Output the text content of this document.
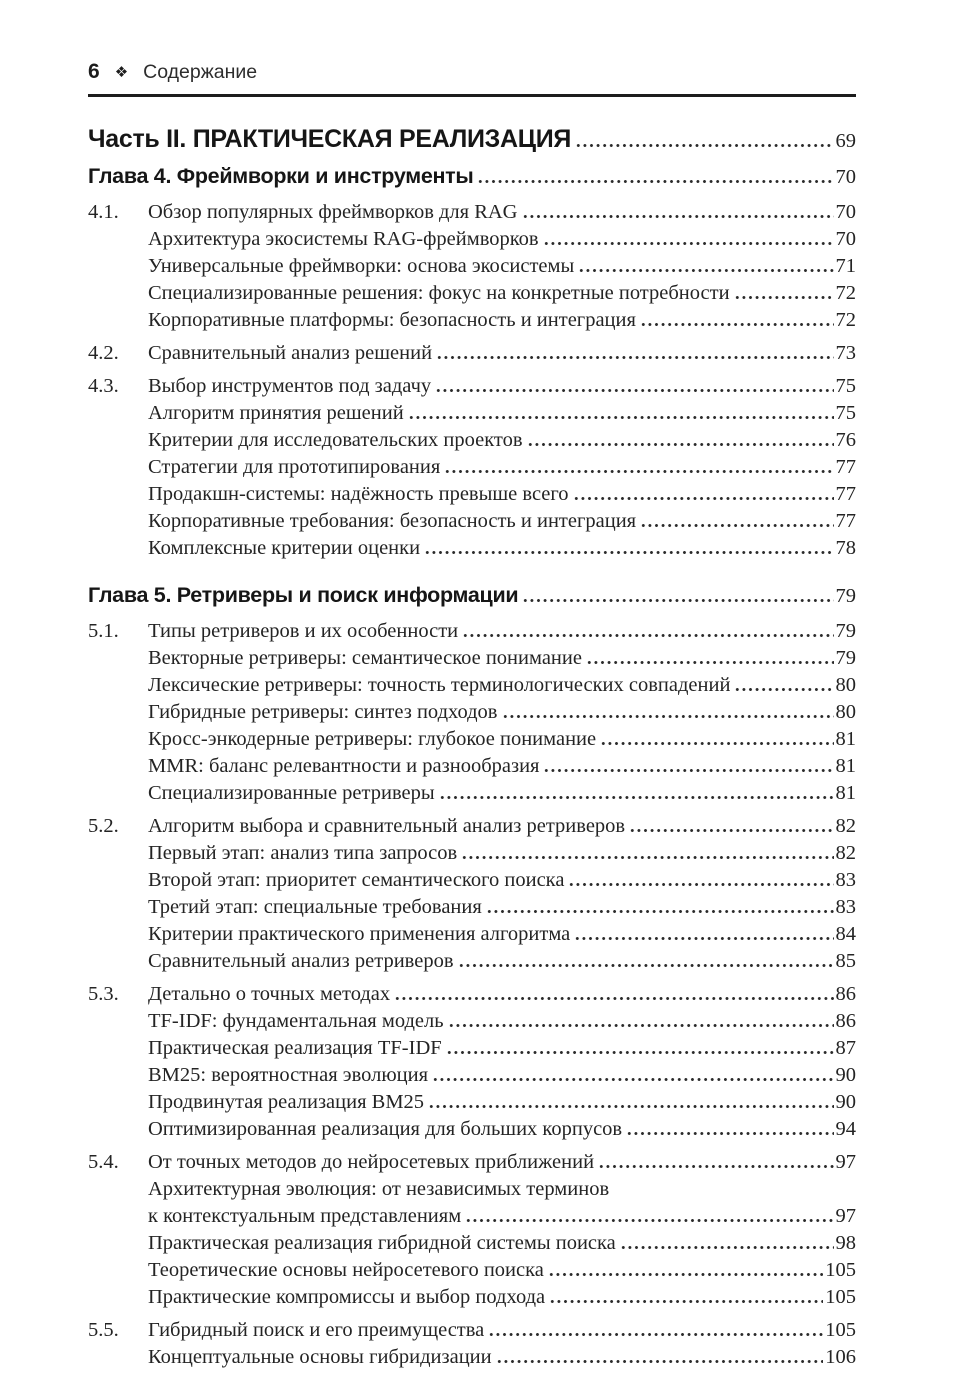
6 ❖ Содержание
Часть II. ПРАКТИЧЕСКАЯ РЕАЛИЗАЦИЯ	69
Глава 4. Фреймворки и инструменты	70
4.1.	Обзор популярных фреймворков для RAG	70
Архитектура экосистемы RAG-фреймворков	70
Универсальные фреймворки: основа экосистемы	71
Специализированные решения: фокус на конкретные потребности	72
Корпоративные платформы: безопасность и интеграция	72
4.2.	Сравнительный анализ решений	73
4.3.	Выбор инструментов под задачу	75
Алгоритм принятия решений	75
Критерии для исследовательских проектов	76
Стратегии для прототипирования	77
Продакшн-системы: надёжность превыше всего	77
Корпоративные требования: безопасность и интеграция	77
Комплексные критерии оценки	78
Глава 5. Ретриверы и поиск информации	79
5.1.	Типы ретриверов и их особенности	79
Векторные ретриверы: семантическое понимание	79
Лексические ретриверы: точность терминологических совпадений	80
Гибридные ретриверы: синтез подходов	80
Кросс-энкодерные ретриверы: глубокое понимание	81
MMR: баланс релевантности и разнообразия	81
Специализированные ретриверы	81
5.2.	Алгоритм выбора и сравнительный анализ ретриверов	82
Первый этап: анализ типа запросов	82
Второй этап: приоритет семантического поиска	83
Третий этап: специальные требования	83
Критерии практического применения алгоритма	84
Сравнительный анализ ретриверов	85
5.3.	Детально о точных методах	86
TF-IDF: фундаментальная модель	86
Практическая реализация TF-IDF	87
BM25: вероятностная эволюция	90
Продвинутая реализация BM25	90
Оптимизированная реализация для больших корпусов	94
5.4.	От точных методов до нейросетевых приближений	97
Архитектурная эволюция: от независимых терминов
к контекстуальным представлениям	97
Практическая реализация гибридной системы поиска	98
Теоретические основы нейросетевого поиска	105
Практические компромиссы и выбор подхода	105
5.5.	Гибридный поиск и его преимущества	105
Концептуальные основы гибридизации	106
